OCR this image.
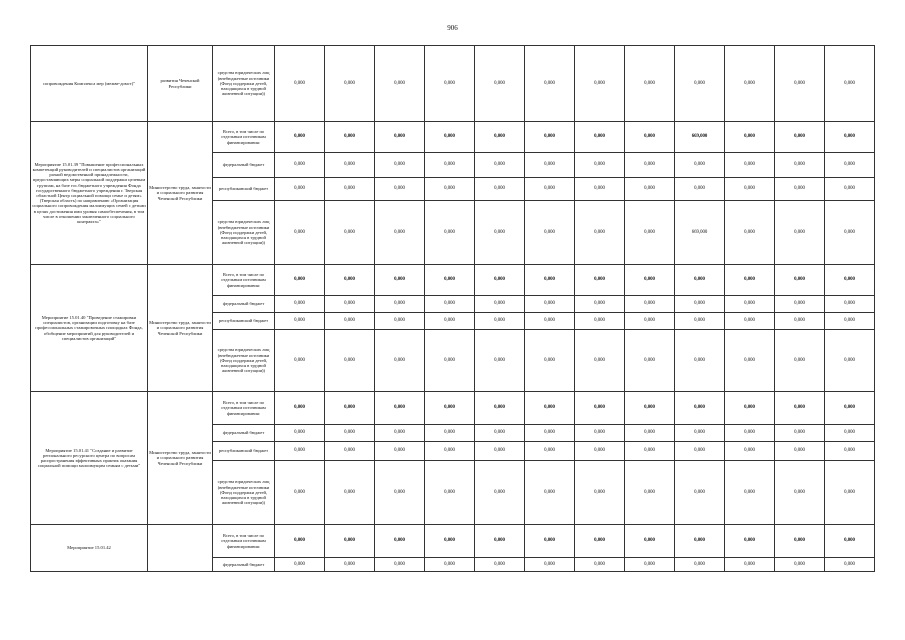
906
сопровождения Комплекса мер (межве-домст)"	развития Чеченской Республики	средства юридических лиц (внебюджетные источники (Фонд поддержки детей, находящихся в трудной жизненной ситуации))	0,000	0,000	0,000	0,000	0,000	0,000	0,000	0,000	0,000	0,000	0,000	0,000
Мероприятие 15.01.39 "Повышение профессиональных компетенций руководителей и специалистов организаций разной ведомственной принадлежности, предоставляющих меры социальной поддержки целевым группам, на базе гос.бюджетного учреждения Фонда государственного бюджетного учреждения г. Тверская областной Центр социальной помощи семье и детям» (Тверская область) по направлению «Организация социального сопровождения малоимущих семей с детьми в целях достижения ими уровня самообеспечения, в том числе в отношении заключенного социального контракта»"	Министерство труда, занятости и социального развития Чеченской Республики	Всего, в том числе по отдельным источникам финансирования:	0,000	0,000	0,000	0,000	0,000	0,000	0,000	0,000	669,000	0,000	0,000	0,000
		федеральный бюджет	0,000	0,000	0,000	0,000	0,000	0,000	0,000	0,000	0,000	0,000	0,000	0,000
		республиканский бюджет	0,000	0,000	0,000	0,000	0,000	0,000	0,000	0,000	0,000	0,000	0,000	0,000
		средства юридических лиц (внебюджетные источники (Фонд поддержки детей, находящихся в трудной жизненной ситуации))	0,000	0,000	0,000	0,000	0,000	0,000	0,000	0,000	669,000	0,000	0,000	0,000
Мероприятие 15.01.40 "Проведение стажировки специалистов, организации подготовку на базе профессиональных стажировочных площадках Фонда, обобщение мероприятий для руководителей и специалистов организаций"	Министерство труда, занятости и социального развития Чеченской Республики	Всего, в том числе по отдельным источникам финансирования:	0,000	0,000	0,000	0,000	0,000	0,000	0,000	0,000	0,000	0,000	0,000	0,000
		федеральный бюджет	0,000	0,000	0,000	0,000	0,000	0,000	0,000	0,000	0,000	0,000	0,000	0,000
		республиканский бюджет	0,000	0,000	0,000	0,000	0,000	0,000	0,000	0,000	0,000	0,000	0,000	0,000
		средства юридических лиц (внебюджетные источники (Фонд поддержки детей, находящихся в трудной жизненной ситуации))	0,000	0,000	0,000	0,000	0,000	0,000	0,000	0,000	0,000	0,000	0,000	0,000
Мероприятие 15.01.41 "Создание и развитие регионального ресурсного центра по вопросам распространения эффективных практик оказания социальной помощи малоимущим семьям с детьми"	Министерство труда, занятости и социального развития Чеченской Республики	Всего, в том числе по отдельным источникам финансирования:	0,000	0,000	0,000	0,000	0,000	0,000	0,000	0,000	0,000	0,000	0,000	0,000
		федеральный бюджет	0,000	0,000	0,000	0,000	0,000	0,000	0,000	0,000	0,000	0,000	0,000	0,000
		республиканский бюджет	0,000	0,000	0,000	0,000	0,000	0,000	0,000	0,000	0,000	0,000	0,000	0,000
		средства юридических лиц (внебюджетные источники (Фонд поддержки детей, находящихся в трудной жизненной ситуации))	0,000	0,000	0,000	0,000	0,000	0,000	0,000	0,000	0,000	0,000	0,000	0,000
Мероприятие 15.01.42		Всего, в том числе по отдельным источникам финансирования:	0,000	0,000	0,000	0,000	0,000	0,000	0,000	0,000	0,000	0,000	0,000	0,000
		федеральный бюджет	0,000	0,000	0,000	0,000	0,000	0,000	0,000	0,000	0,000	0,000	0,000	0,000
